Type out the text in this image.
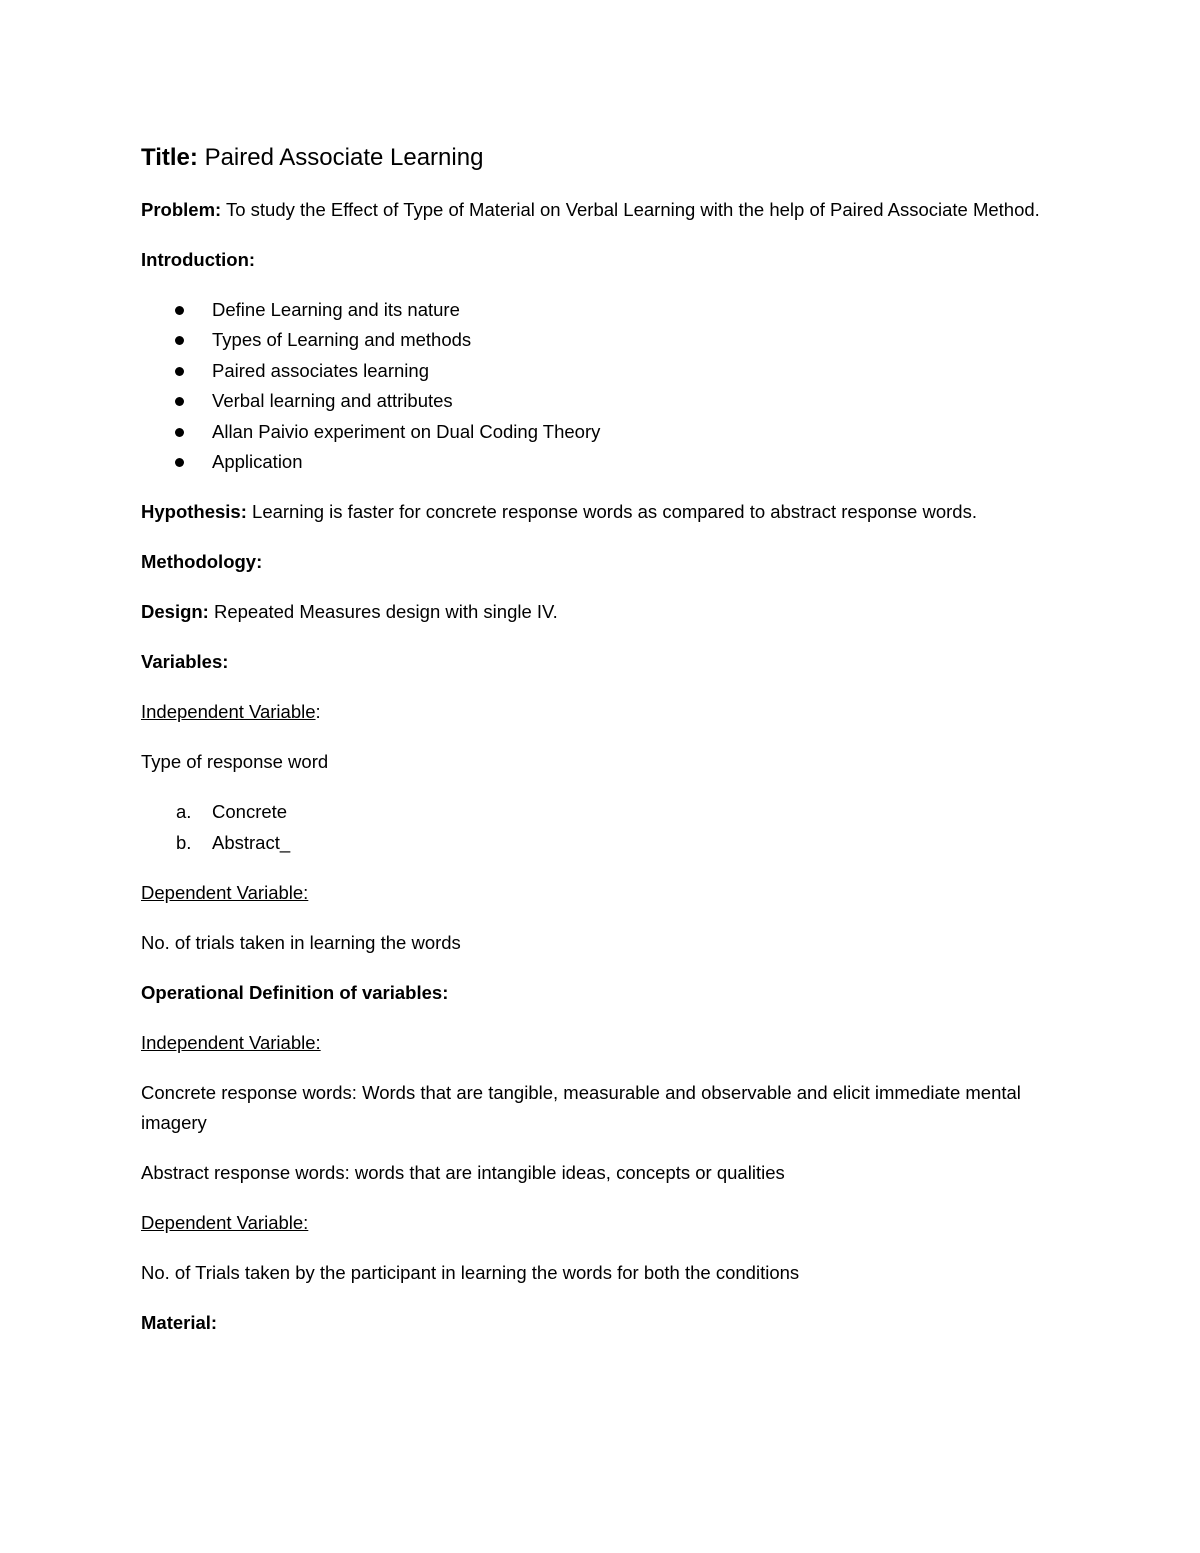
Title: Paired Associate Learning

Problem: To study the Effect of Type of Material on Verbal Learning with the help of Paired Associate Method.

Introduction:

Define Learning and its nature
Types of Learning and methods
Paired associates learning
Verbal learning and attributes
Allan Paivio experiment on Dual Coding Theory
Application

Hypothesis: Learning is faster for concrete response words as compared to abstract response words.

Methodology:

Design: Repeated Measures design with single IV.

Variables:

Independent Variable:

Type of response word

a. Concrete
b. Abstract_

Dependent Variable:

No. of trials taken in learning the words

Operational Definition of variables:

Independent Variable:

Concrete response words: Words that are tangible, measurable and observable and elicit immediate mental imagery

Abstract response words: words that are intangible ideas, concepts or qualities

Dependent Variable:

No. of Trials taken by the participant in learning the words for both the conditions

Material:
